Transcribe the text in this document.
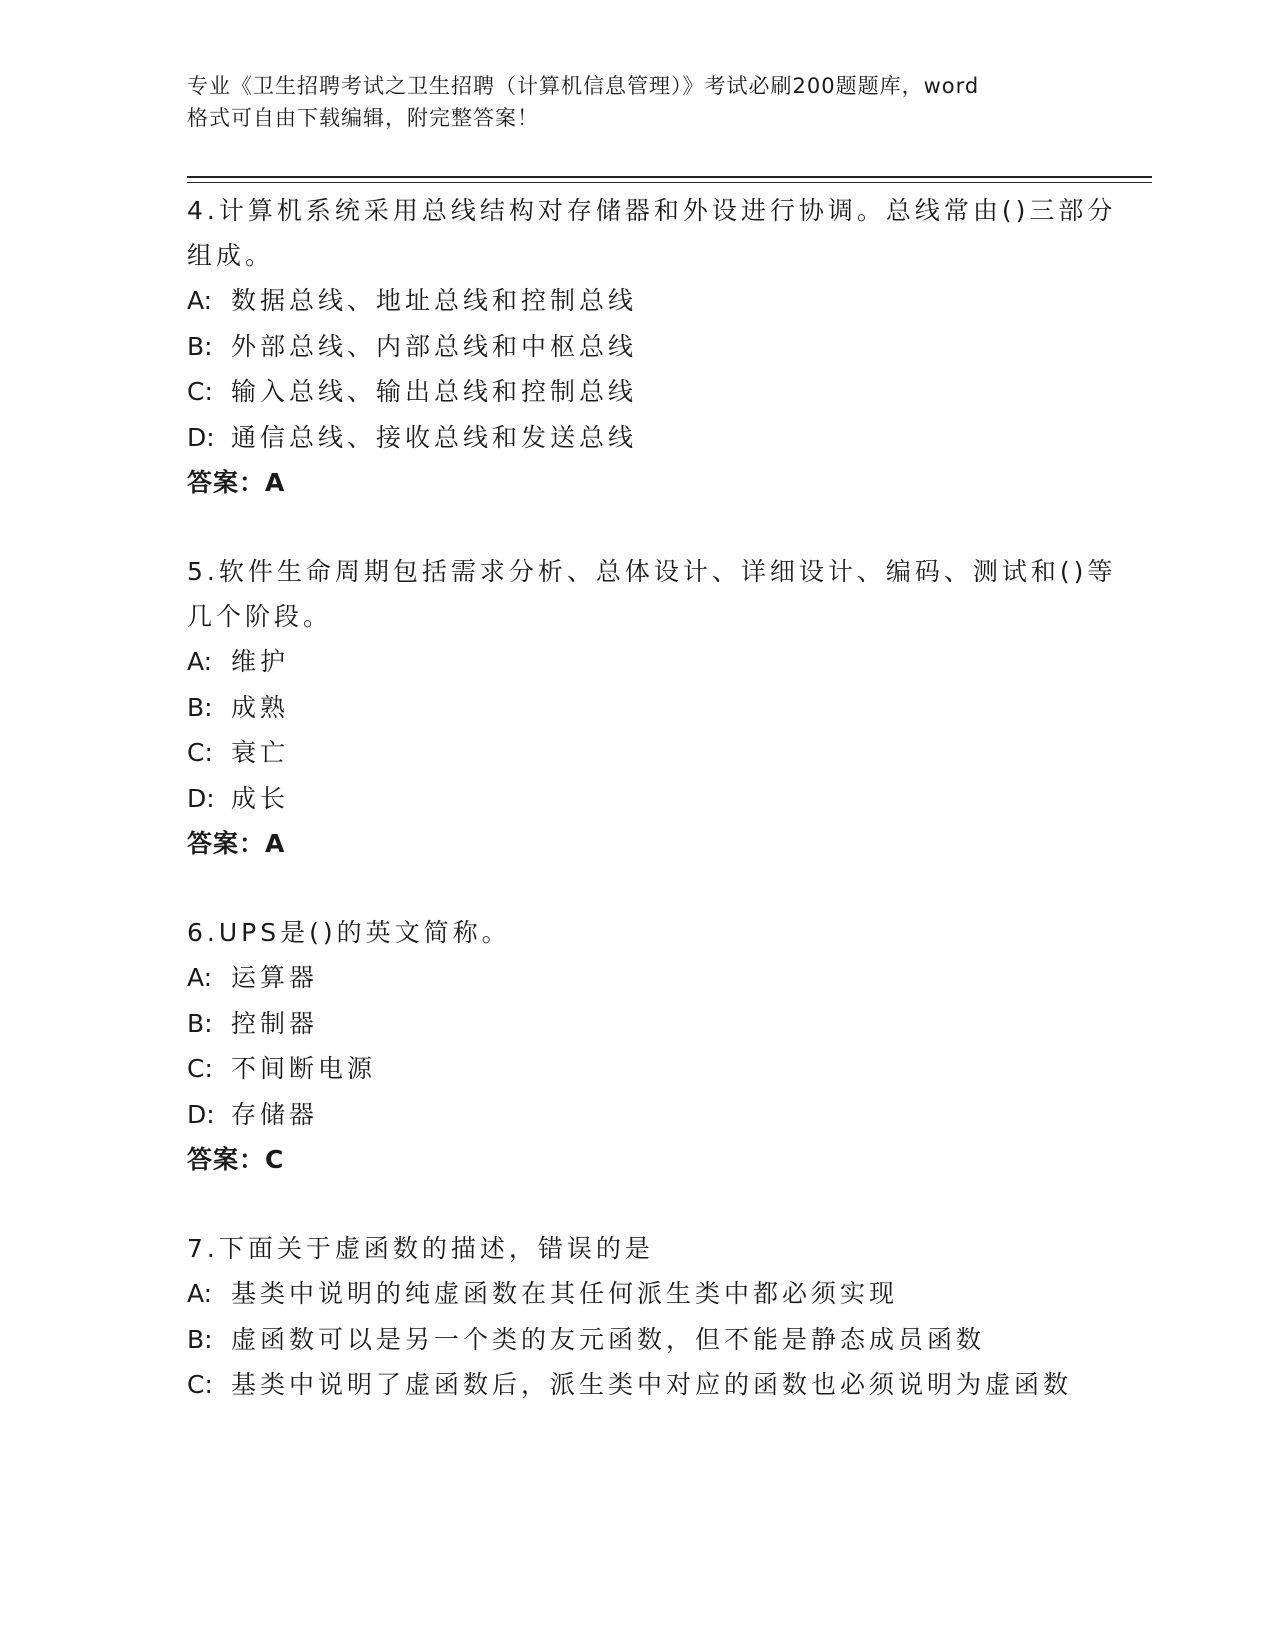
专业《卫生招聘考试之卫生招聘（计算机信息管理）》考试必刷200题题库，word
格式可自由下载编辑，附完整答案！
4.计算机系统采用总线结构对存储器和外设进行协调。总线常由()三部分组成。
A: 数据总线、地址总线和控制总线
B: 外部总线、内部总线和中枢总线
C: 输入总线、输出总线和控制总线
D: 通信总线、接收总线和发送总线
答案：A
5.软件生命周期包括需求分析、总体设计、详细设计、编码、测试和()等几个阶段。
A: 维护
B: 成熟
C: 衰亡
D: 成长
答案：A
6.UPS是()的英文简称。
A: 运算器
B: 控制器
C: 不间断电源
D: 存储器
答案：C
7.下面关于虚函数的描述，错误的是
A: 基类中说明的纯虚函数在其任何派生类中都必须实现
B: 虚函数可以是另一个类的友元函数，但不能是静态成员函数
C: 基类中说明了虚函数后，派生类中对应的函数也必须说明为虚函数
